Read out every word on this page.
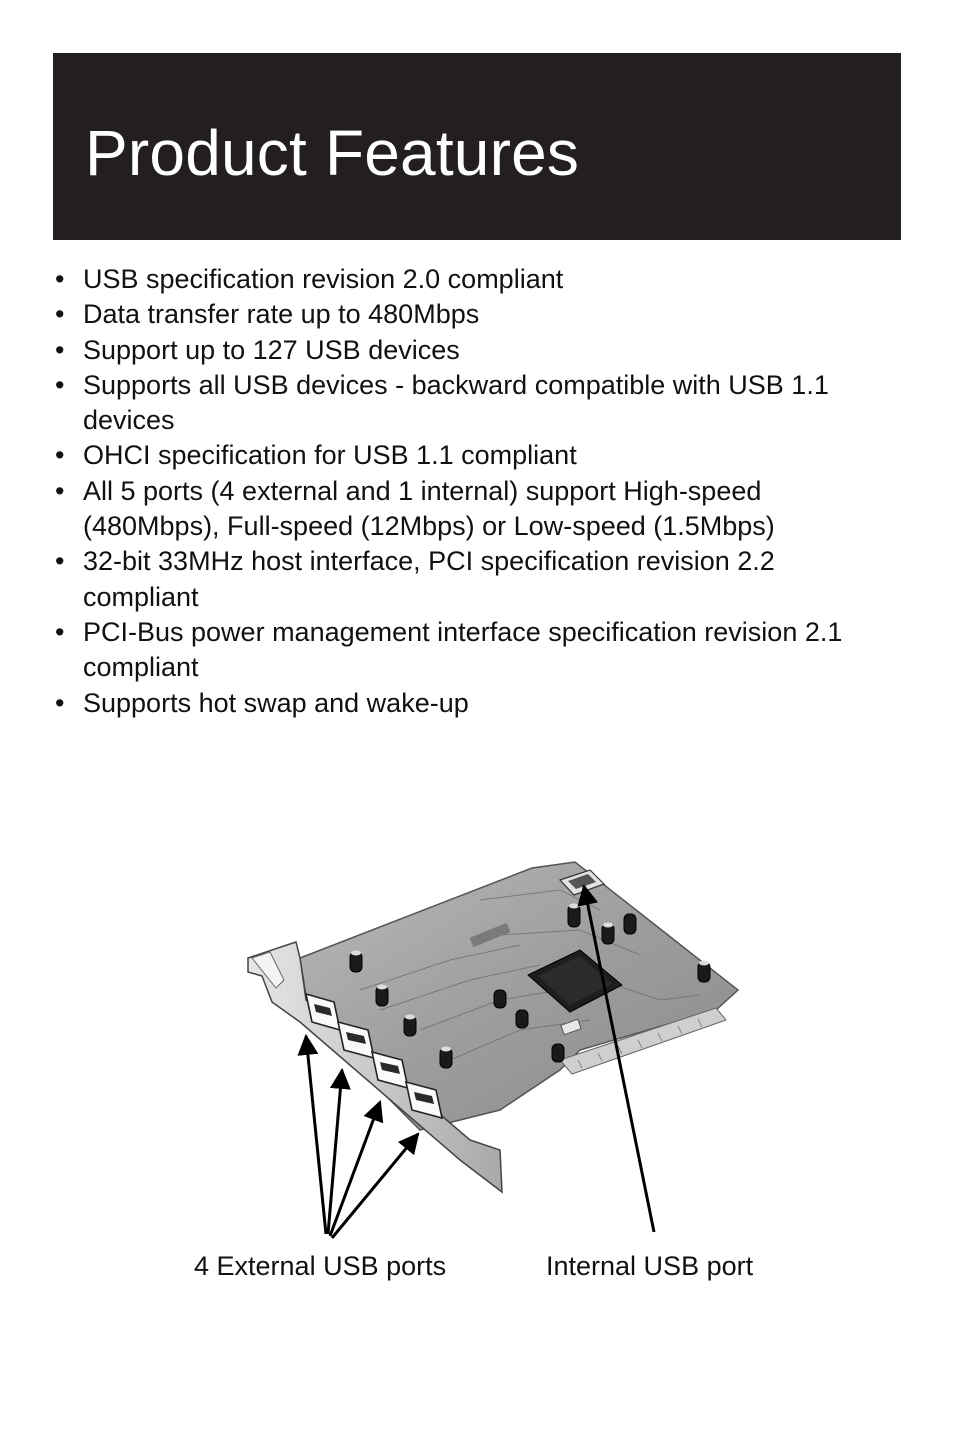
Product Features
• USB specification revision 2.0 compliant
• Data transfer rate up to 480Mbps
• Support up to 127 USB devices
• Supports all USB devices - backward compatible with USB 1.1 devices
• OHCI specification for USB 1.1 compliant
• All 5 ports (4 external and 1 internal) support High-speed (480Mbps), Full-speed (12Mbps) or Low-speed (1.5Mbps)
• 32-bit 33MHz host interface, PCI specification revision 2.2 compliant
• PCI-Bus power management interface specification revision 2.1 compliant
• Supports hot swap and wake-up
4 External USB ports	Internal USB port
